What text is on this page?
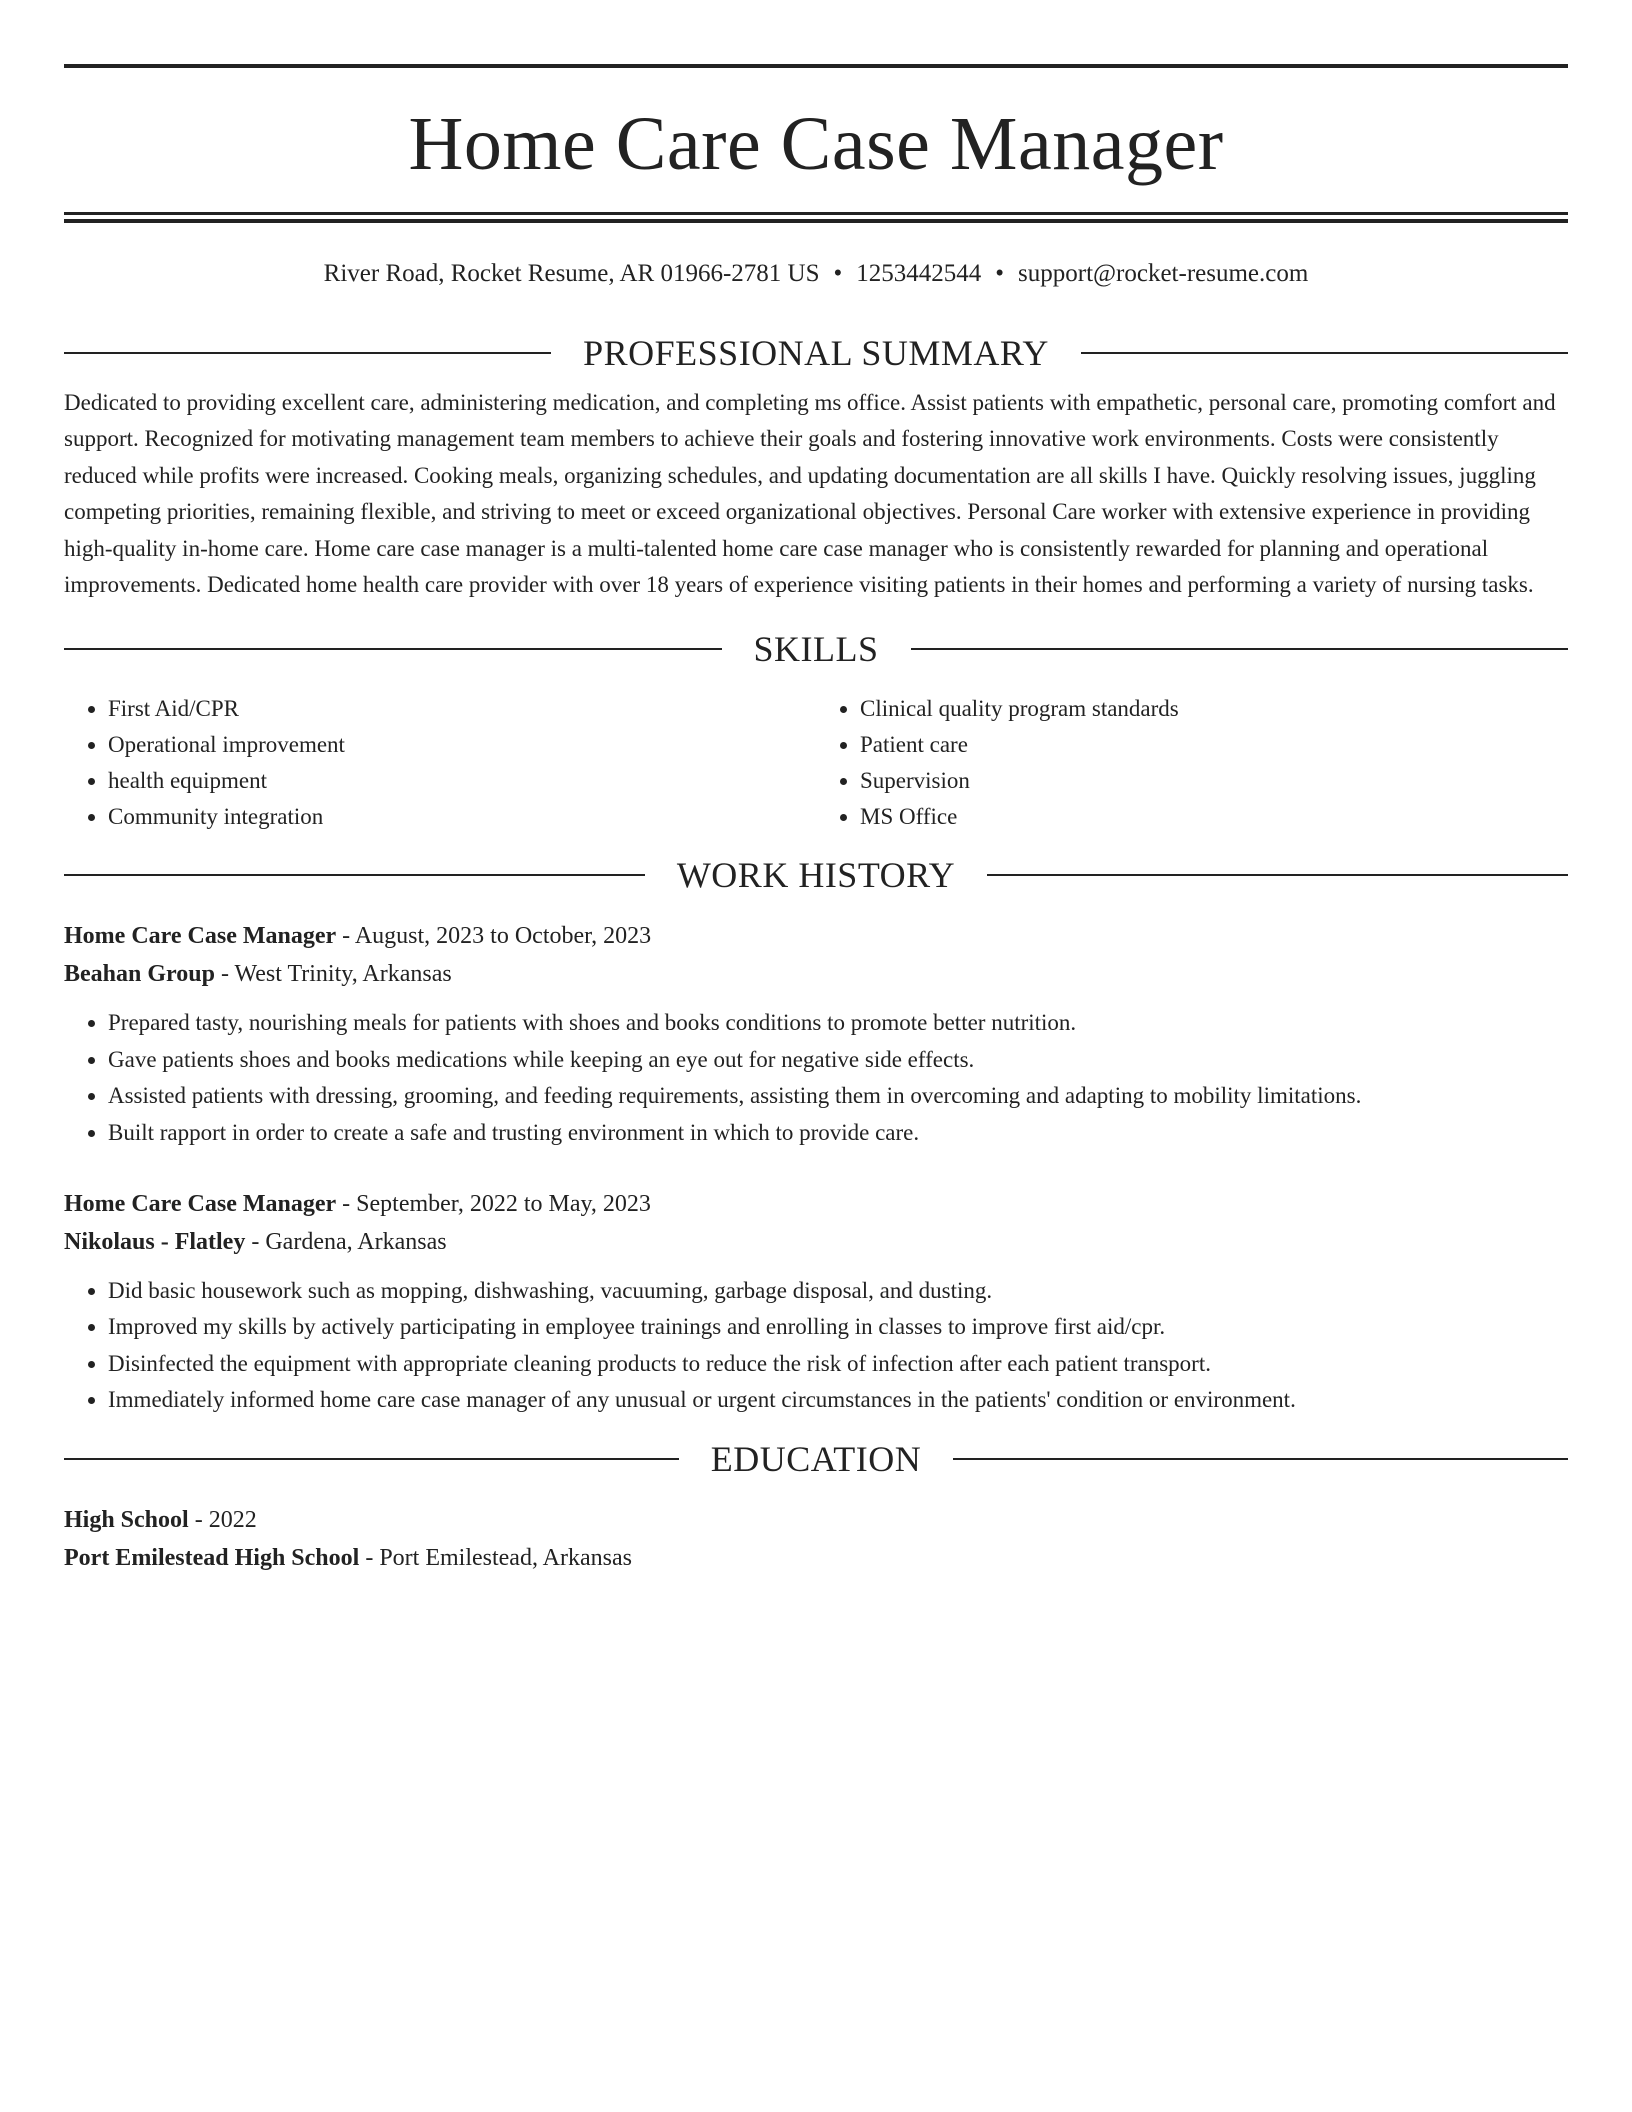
Home Care Case Manager
River Road, Rocket Resume, AR 01966-2781 US • 1253442544 • support@rocket-resume.com
PROFESSIONAL SUMMARY

Dedicated to providing excellent care, administering medication, and completing ms office. Assist patients with empathetic, personal care, promoting comfort and support. Recognized for motivating management team members to achieve their goals and fostering innovative work environments. Costs were consistently reduced while profits were increased. Cooking meals, organizing schedules, and updating documentation are all skills I have. Quickly resolving issues, juggling competing priorities, remaining flexible, and striving to meet or exceed organizational objectives. Personal Care worker with extensive experience in providing high-quality in-home care. Home care case manager is a multi-talented home care case manager who is consistently rewarded for planning and operational improvements. Dedicated home health care provider with over 18 years of experience visiting patients in their homes and performing a variety of nursing tasks.

SKILLS
• First Aid/CPR
• Operational improvement
• health equipment
• Community integration
• Clinical quality program standards
• Patient care
• Supervision
• MS Office
WORK HISTORY
Home Care Case Manager - August, 2023 to October, 2023
Beahan Group - West Trinity, Arkansas
• Prepared tasty, nourishing meals for patients with shoes and books conditions to promote better nutrition.
• Gave patients shoes and books medications while keeping an eye out for negative side effects.
• Assisted patients with dressing, grooming, and feeding requirements, assisting them in overcoming and adapting to mobility limitations.
• Built rapport in order to create a safe and trusting environment in which to provide care.
Home Care Case Manager - September, 2022 to May, 2023
Nikolaus - Flatley - Gardena, Arkansas
• Did basic housework such as mopping, dishwashing, vacuuming, garbage disposal, and dusting.
• Improved my skills by actively participating in employee trainings and enrolling in classes to improve first aid/cpr.
• Disinfected the equipment with appropriate cleaning products to reduce the risk of infection after each patient transport.
• Immediately informed home care case manager of any unusual or urgent circumstances in the patients' condition or environment.
EDUCATION
High School - 2022
Port Emilestead High School - Port Emilestead, Arkansas
